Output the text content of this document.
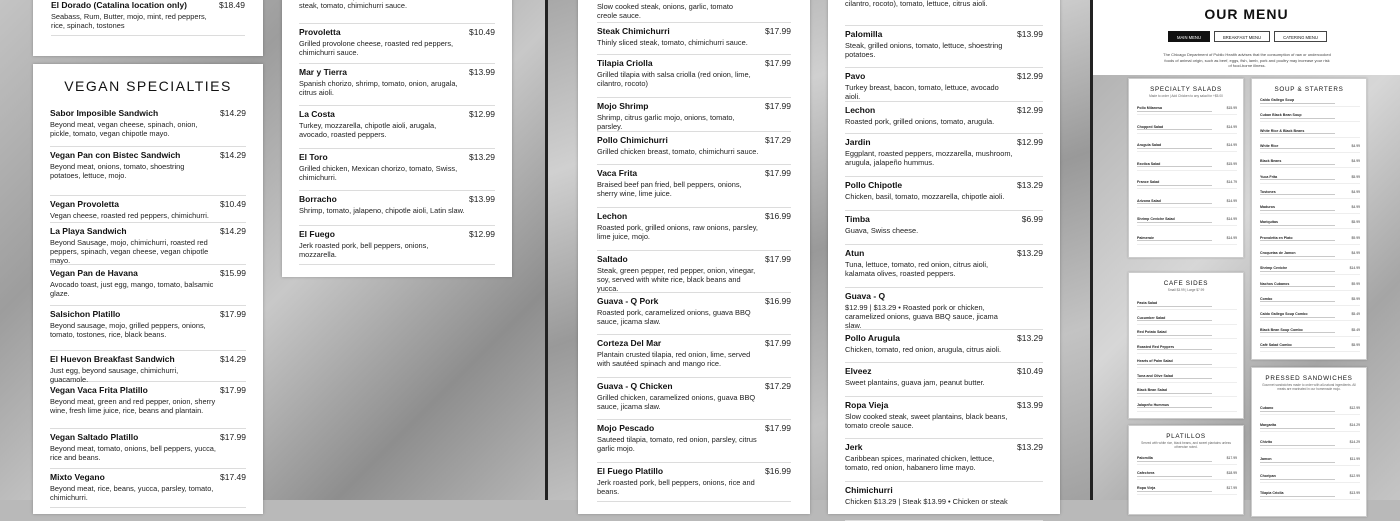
El Dorado (Catalina location only)	$18.49
Seabass, Rum, Butter, mojo, mint, red peppers, rice, spinach, tostones
steak, tomato, chimichurri sauce.
Provoletta	$10.49
Grilled provolone cheese, roasted red peppers, chimichurri sauce.
Mar y Tierra	$13.99
Spanish chorizo, shrimp, tomato, onion, arugala, citrus aioli.
La Costa	$12.99
Turkey, mozzarella, chipotle aioli, arugala, avocado, roasted peppers.
El Toro	$13.29
Grilled chicken, Mexican chorizo, tomato, Swiss, chimichurri.
Borracho	$13.99
Shrimp, tomato, jalapeno, chipotle aioli, Latin slaw.
El Fuego	$12.99
Jerk roasted pork, bell peppers, onions, mozzarella.
VEGAN SPECIALTIES
Sabor Imposible Sandwich	$14.29
Beyond meat, vegan cheese, spinach, onion, pickle, tomato, vegan chipotle mayo.
Vegan Pan con Bistec Sandwich	$14.29
Beyond meat, onions, tomato, shoestring potatoes, lettuce, mojo.
Vegan Provoletta	$10.49
Vegan cheese, roasted red peppers, chimichurri.
La Playa Sandwich	$14.29
Beyond Sausage, mojo, chimichurri, roasted red peppers, spinach, vegan cheese, vegan chipotle mayo.
Vegan Pan de Havana	$15.99
Avocado toast, just egg, mango, tomato, balsamic glaze.
Salsichon Platillo	$17.99
Beyond sausage, mojo, grilled peppers, onions, tomato, tostones, rice, black beans.
El Huevon Breakfast Sandwich	$14.29
Just egg, beyond sausage, chimichurri, guacamole.
Vegan Vaca Frita Platillo	$17.99
Beyond meat, green and red pepper, onion, sherry wine, fresh lime juice, rice, beans and plantain.
Vegan Saltado Platillo	$17.99
Beyond meat, tomato, onions, bell peppers, yucca, rice and beans.
Mixto Vegano	$17.49
Beyond meat, rice, beans, yucca, parsley, tomato, chimichurri.
Slow cooked steak, onions, garlic, tomato creole sauce.
Steak Chimichurri	$17.99
Thinly sliced steak, tomato, chimichurri sauce.
Tilapia Criolla	$17.99
Grilled tilapia with salsa criolla (red onion, lime, cilantro, rocoto)
Mojo Shrimp	$17.99
Shrimp, citrus garlic mojo, onions, tomato, parsley.
Pollo Chimichurri	$17.29
Grilled chicken breast, tomato, chimichurri sauce.
Vaca Frita	$17.99
Braised beef pan fried, bell peppers, onions, sherry wine, lime juice.
Lechon	$16.99
Roasted pork, grilled onions, raw onions, parsley, lime juice, mojo.
Saltado	$17.99
Steak, green pepper, red pepper, onion, vinegar, soy, served with white rice, black beans and yucca.
Guava - Q Pork	$16.99
Roasted pork, caramelized onions, guava BBQ sauce, jicama slaw.
Corteza Del Mar	$17.99
Plantain crusted tilapia, red onion, lime, served with sautéed spinach and mango rice.
Guava - Q Chicken	$17.29
Grilled chicken, caramelized onions, guava BBQ sauce, jicama slaw.
Mojo Pescado	$17.99
Sauteed tilapia, tomato, red onion, parsley, citrus garlic mojo.
El Fuego Platillo	$16.99
Jerk roasted pork, bell peppers, onions, rice and beans.
cilantro, rocoto), tomato, lettuce, citrus aioli.
Palomilla	$13.99
Steak, grilled onions, tomato, lettuce, shoestring potatoes.
Pavo	$12.99
Turkey breast, bacon, tomato, lettuce, avocado aioli.
Lechon	$12.99
Roasted pork, grilled onions, tomato, arugula.
Jardin	$12.99
Eggplant, roasted peppers, mozzarella, mushroom, arugula, jalapeño hummus.
Pollo Chipotle	$13.29
Chicken, basil, tomato, mozzarella, chipotle aioli.
Timba	$6.99
Guava, Swiss cheese.
Atun	$13.29
Tuna, lettuce, tomato, red onion, citrus aioli, kalamata olives, roasted peppers.
Guava - Q
$12.99 | $13.29 • Roasted pork or chicken, caramelized onions, guava BBQ sauce, jicama slaw.
Pollo Arugula	$13.29
Chicken, tomato, red onion, arugula, citrus aioli.
Elveez	$10.49
Sweet plantains, guava jam, peanut butter.
Ropa Vieja	$13.99
Slow cooked steak, sweet plantains, black beans, tomato creole sauce.
Jerk	$13.29
Caribbean spices, marinated chicken, lettuce, tomato, red onion, habanero lime mayo.
Chimichurri
Chicken $13.29 | Steak $13.99 • Chicken or steak
OUR MENU
MAIN MENU	BREAKFAST MENU	CATERING MENU
The Chicago Department of Public Health advises that the consumption of raw or undercooked foods of animal origin, such as beef, eggs, fish, lamb, pork and poultry may increase your risk of food-borne illness.
SPECIALTY SALADS
Made to order | Add Chicken to any salad for +$5.00
Pollo Milanesa	$15.99
Chopped Salad	$14.99
Arugula Salad	$14.99
Exotica Salad	$15.99
France Salad	$14.79
Arizona Salad	$14.99
Shrimp Ceviche Salad	$14.99
Palmeraie	$14.99
SOUP & STARTERS
Caldo Gallego Soup
Cuban Black Bean Soup
White Rice & Black Beans
White Rice	$4.99
Black Beans	$4.99
Yuca Frita	$5.99
Tostones	$4.99
Maduros	$4.99
Mariquitas	$5.99
Provoletta en Plato	$9.99
Croquetas de Jamon	$4.99
Shrimp Ceviche	$14.99
Nachos Cubanos	$9.99
Combo	$5.99
Caldo Gallego Soup Combo	$5.49
Black Bean Soup Combo	$5.49
Café Salad Combo	$5.99
CAFE SIDES
Small $3.99 | Large $7.99
Pasta Salad
Cucumber Salad
Red Potato Salad
Roasted Red Peppers
Hearts of Palm Salad
Tuna and Olive Salad
Black Bean Salad
Jalapeño Hummus
PLATILLOS
Served with white rice, black beans, and sweet plantains unless otherwise noted.
Palomilla	$17.99
Cafechera	$18.99
Ropa Vieja	$17.99
PRESSED SANDWICHES
Gourmet sandwiches made to order with all-natural ingredients. All meats are marinated in our homemade mojo.
Cubano	$12.99
Margarita	$14.29
Chivito	$14.29
Jamon	$11.99
Choripan	$12.99
Tilapia Criolla	$13.99
